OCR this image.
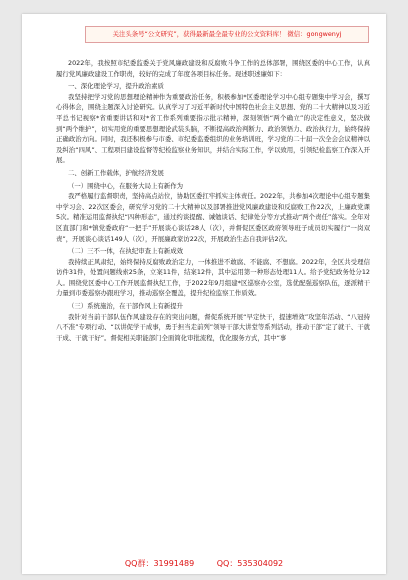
关注头条号“公文研究”，获得最新最全最专业的公文资料库！ 微信：gongwenyj

2022年，我按照市纪委监委关于党风廉政建设和反腐败斗争工作的总体部署，围绕区委的中心工作，认真履行党风廉政建设工作职责，较好的完成了年度各项目标任务。现述职述廉如下：

一、深化理论学习，提升政治素质

我坚持把学习党的思想理论精神作为重要政治任务，积极参加*区委理论学习中心组专题集中学习会，撰写心得体会，围绕主题深入讨论研究。认真学习了习近平新时代中国特色社会主义思想、党的二十大精神以及习近平总书记视察*省重要讲话和对*省工作系列重要指示批示精神，深刻领悟“两个确立”的决定性意义，坚决做到“两个维护”，切实用党的重要思想理论武装头脑，不断提高政治判断力、政治领悟力、政治执行力，始终保持正确政治方向。同时，我还积极参与市委、市纪委监委组织的业务培训班，学习党的二十届一次全会会议精神以及纠治“四风”、工程项目建设监督等纪检监察业务知识，并结合实际工作，学以致用，引领纪检监察工作深入开展。

二、创新工作载体，护航经济发展

（一）围绕中心，在服务大局上有新作为

我严格履行监督职责，坚持高点站位，协助区委扛牢抓实主体责任。2022年，共参加4次理论中心组专题集中学习会、22次区委会，研究学习党的二十大精神以及部署推进党风廉政建设和反腐败工作22次，上廉政党课5次。精准运用监督执纪“四种形态”，通过约谈提醒、诫勉谈话、纪律处分等方式推动“两个责任”落实。全年对区直部门和*镇党委政府“一把手”开展谈心谈话28人（次），并督促区委区政府领导班子成员切实履行“一岗双责”，开展谈心谈话149人（次），开展廉政家访22次，开展政治生态自我评估2次。

（二）三不一体，在执纪审查上有新成效

我持续正风肃纪，始终保持反腐败政治定力，一体推进不敢腐、不能腐、不想腐。2022年，全区共受理信访件31件，处置问题线索25条，立案11件，结案12件，其中运用第一种形态处理11人。给予党纪政务处分12人。围绕党区委中心工作开展监督执纪工作，于2022年9月组建*区巡察办公室，选优配强巡察队伍，逐派精干力量到市委巡察办跟班学习，推动巡察全覆盖，提升纪检监察工作质效。

（三）系统施治，在干部作风上有新提升

我针对当前干部队伍作风建设存在的突出问题，督促系统开展“早定快干，提速增效”攻坚年活动、“八冠持八不准”专项行动、“以讲促学干成事，勇于担当走前列”领导干部大讲堂等系列活动，推动干部“定了就干、干就干成、干就干好”。督促相关职能部门全面简化审批流程，优化服务方式，其中“事

QQ群：31991489	QQ：535304092
